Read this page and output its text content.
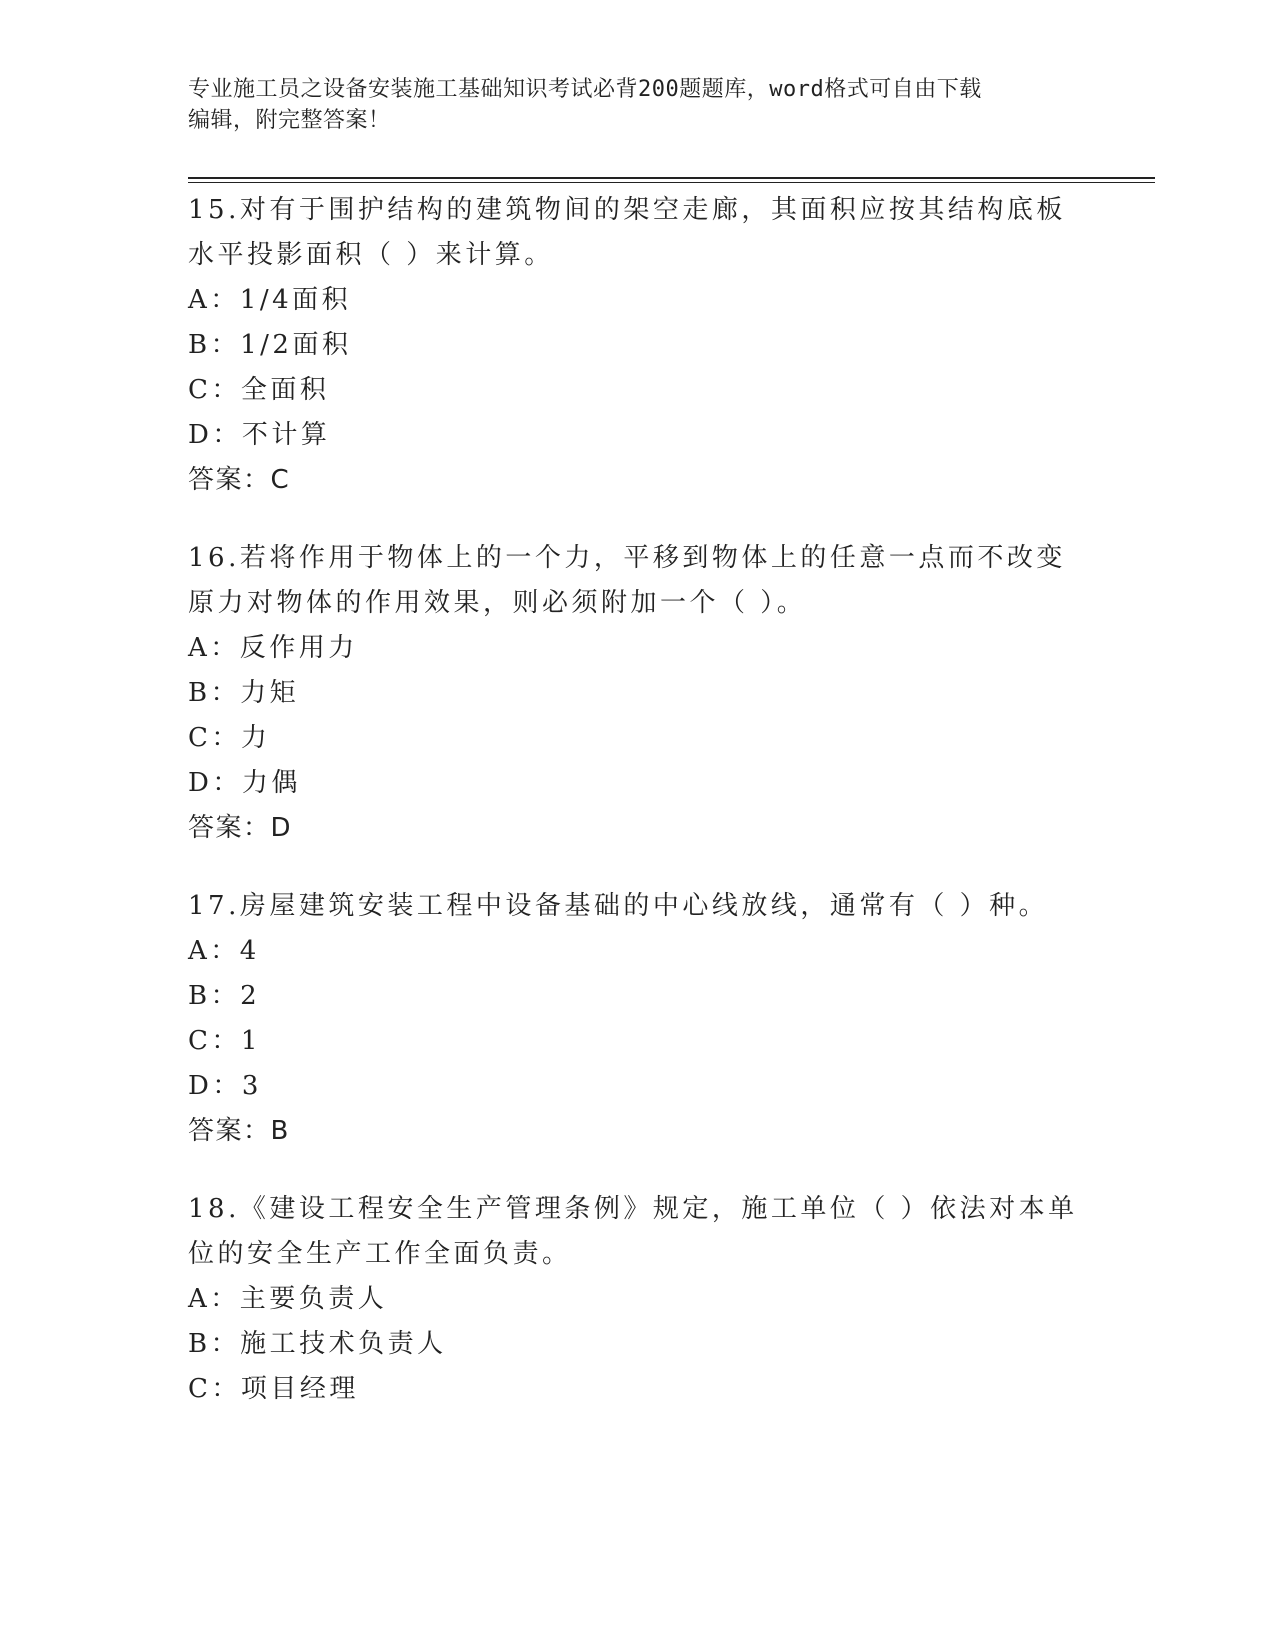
专业施工员之设备安装施工基础知识考试必背200题题库，word格式可自由下载
编辑，附完整答案！
15.对有于围护结构的建筑物间的架空走廊，其面积应按其结构底板水平投影面积（ ）来计算。
A：1/4面积
B：1/2面积
C：全面积
D：不计算
答案：C
16.若将作用于物体上的一个力，平移到物体上的任意一点而不改变原力对物体的作用效果，则必须附加一个（ ）。
A：反作用力
B：力矩
C：力
D：力偶
答案：D
17.房屋建筑安装工程中设备基础的中心线放线，通常有（ ）种。
A：4
B：2
C：1
D：3
答案：B
18.《建设工程安全生产管理条例》规定，施工单位（ ）依法对本单位的安全生产工作全面负责。
A：主要负责人
B：施工技术负责人
C：项目经理
